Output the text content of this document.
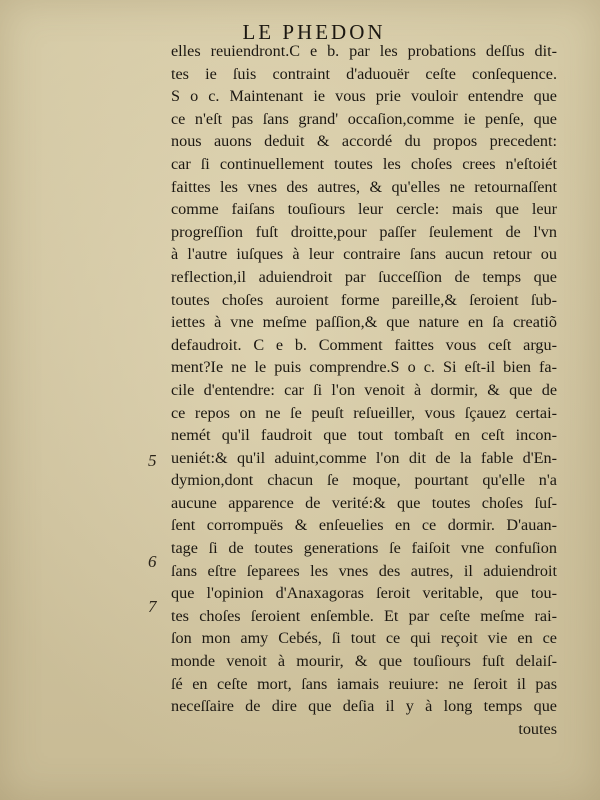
LE PHEDON
elles reuiendront.C e b. par les probations deſſus dit-
tes ie ſuis contraint d'aduouër ceſte conſequence.
S o c. Maintenant ie vous prie vouloir entendre que
ce n'eſt pas ſans grand' occaſion,comme ie penſe, que
nous auons deduit & accordé du propos precedent:
car ſi continuellement toutes les choſes crees n'eſtoiét
faittes les vnes des autres, & qu'elles ne retournaſſent
comme faiſans touſiours leur cercle: mais que leur
progreſſion fuſt droitte,pour paſſer ſeulement de l'vn
à l'autre iuſques à leur contraire ſans aucun retour ou
reflection,il aduiendroit par ſucceſſion de temps que
toutes choſes auroient forme pareille,& ſeroient ſub-
iettes à vne meſme paſſion,& que nature en ſa creatiõ
defaudroit. C e b. Comment faittes vous ceſt argu-
ment?Ie ne le puis comprendre.S o c. Si eſt-il bien fa-
cile d'entendre: car ſi l'on venoit à dormir, & que de
ce repos on ne ſe peuſt reſueiller, vous ſçauez certai-
nemét qu'il faudroit que tout tombaſt en ceſt incon-
ueniét:& qu'il aduint,comme l'on dit de la fable d'En-
dymion,dont chacun ſe moque, pourtant qu'elle n'a
aucune apparence de verité:& que toutes choſes ſuſ-
ſent corrompuës & enſeuelies en ce dormir. D'auan-
tage ſi de toutes generations ſe faiſoit vne confuſion
ſans eſtre ſeparees les vnes des autres, il aduiendroit
que l'opinion d'Anaxagoras ſeroit veritable, que tou-
tes choſes ſeroient enſemble. Et par ceſte meſme rai-
ſon mon amy Cebés, ſi tout ce qui reçoit vie en ce
monde venoit à mourir, & que touſiours fuſt delaiſ-
ſé en ceſte mort, ſans iamais reuiure: ne ſeroit il pas
neceſſaire de dire que deſia il y à long temps que
toutes
5
6
7
